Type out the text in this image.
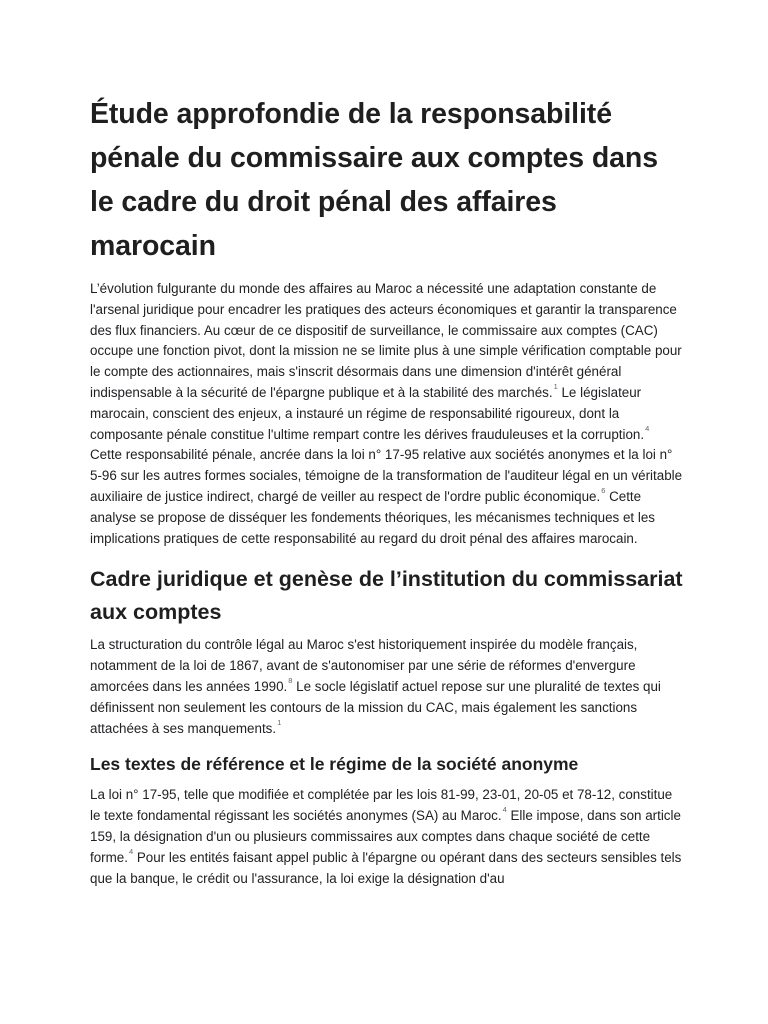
Étude approfondie de la responsabilité pénale du commissaire aux comptes dans le cadre du droit pénal des affaires marocain

L’évolution fulgurante du monde des affaires au Maroc a nécessité une adaptation constante de l'arsenal juridique pour encadrer les pratiques des acteurs économiques et garantir la transparence des flux financiers. Au cœur de ce dispositif de surveillance, le commissaire aux comptes (CAC) occupe une fonction pivot, dont la mission ne se limite plus à une simple vérification comptable pour le compte des actionnaires, mais s'inscrit désormais dans une dimension d'intérêt général indispensable à la sécurité de l'épargne publique et à la stabilité des marchés.$^1$ Le législateur marocain, conscient des enjeux, a instauré un régime de responsabilité rigoureux, dont la composante pénale constitue l'ultime rempart contre les dérives frauduleuses et la corruption.$^4$ Cette responsabilité pénale, ancrée dans la loi n° 17-95 relative aux sociétés anonymes et la loi n° 5-96 sur les autres formes sociales, témoigne de la transformation de l'auditeur légal en un véritable auxiliaire de justice indirect, chargé de veiller au respect de l'ordre public économique.$^6$ Cette analyse se propose de disséquer les fondements théoriques, les mécanismes techniques et les implications pratiques de cette responsabilité au regard du droit pénal des affaires marocain.

Cadre juridique et genèse de l’institution du commissariat aux comptes

La structuration du contrôle légal au Maroc s'est historiquement inspirée du modèle français, notamment de la loi de 1867, avant de s'autonomiser par une série de réformes d'envergure amorcées dans les années 1990.$^8$ Le socle législatif actuel repose sur une pluralité de textes qui définissent non seulement les contours de la mission du CAC, mais également les sanctions attachées à ses manquements.$^1$

Les textes de référence et le régime de la société anonyme

La loi n° 17-95, telle que modifiée et complétée par les lois 81-99, 23-01, 20-05 et 78-12, constitue le texte fondamental régissant les sociétés anonymes (SA) au Maroc.$^4$ Elle impose, dans son article 159, la désignation d'un ou plusieurs commissaires aux comptes dans chaque société de cette forme.$^4$ Pour les entités faisant appel public à l'épargne ou opérant dans des secteurs sensibles tels que la banque, le crédit ou l'assurance, la loi exige la désignation d'au
